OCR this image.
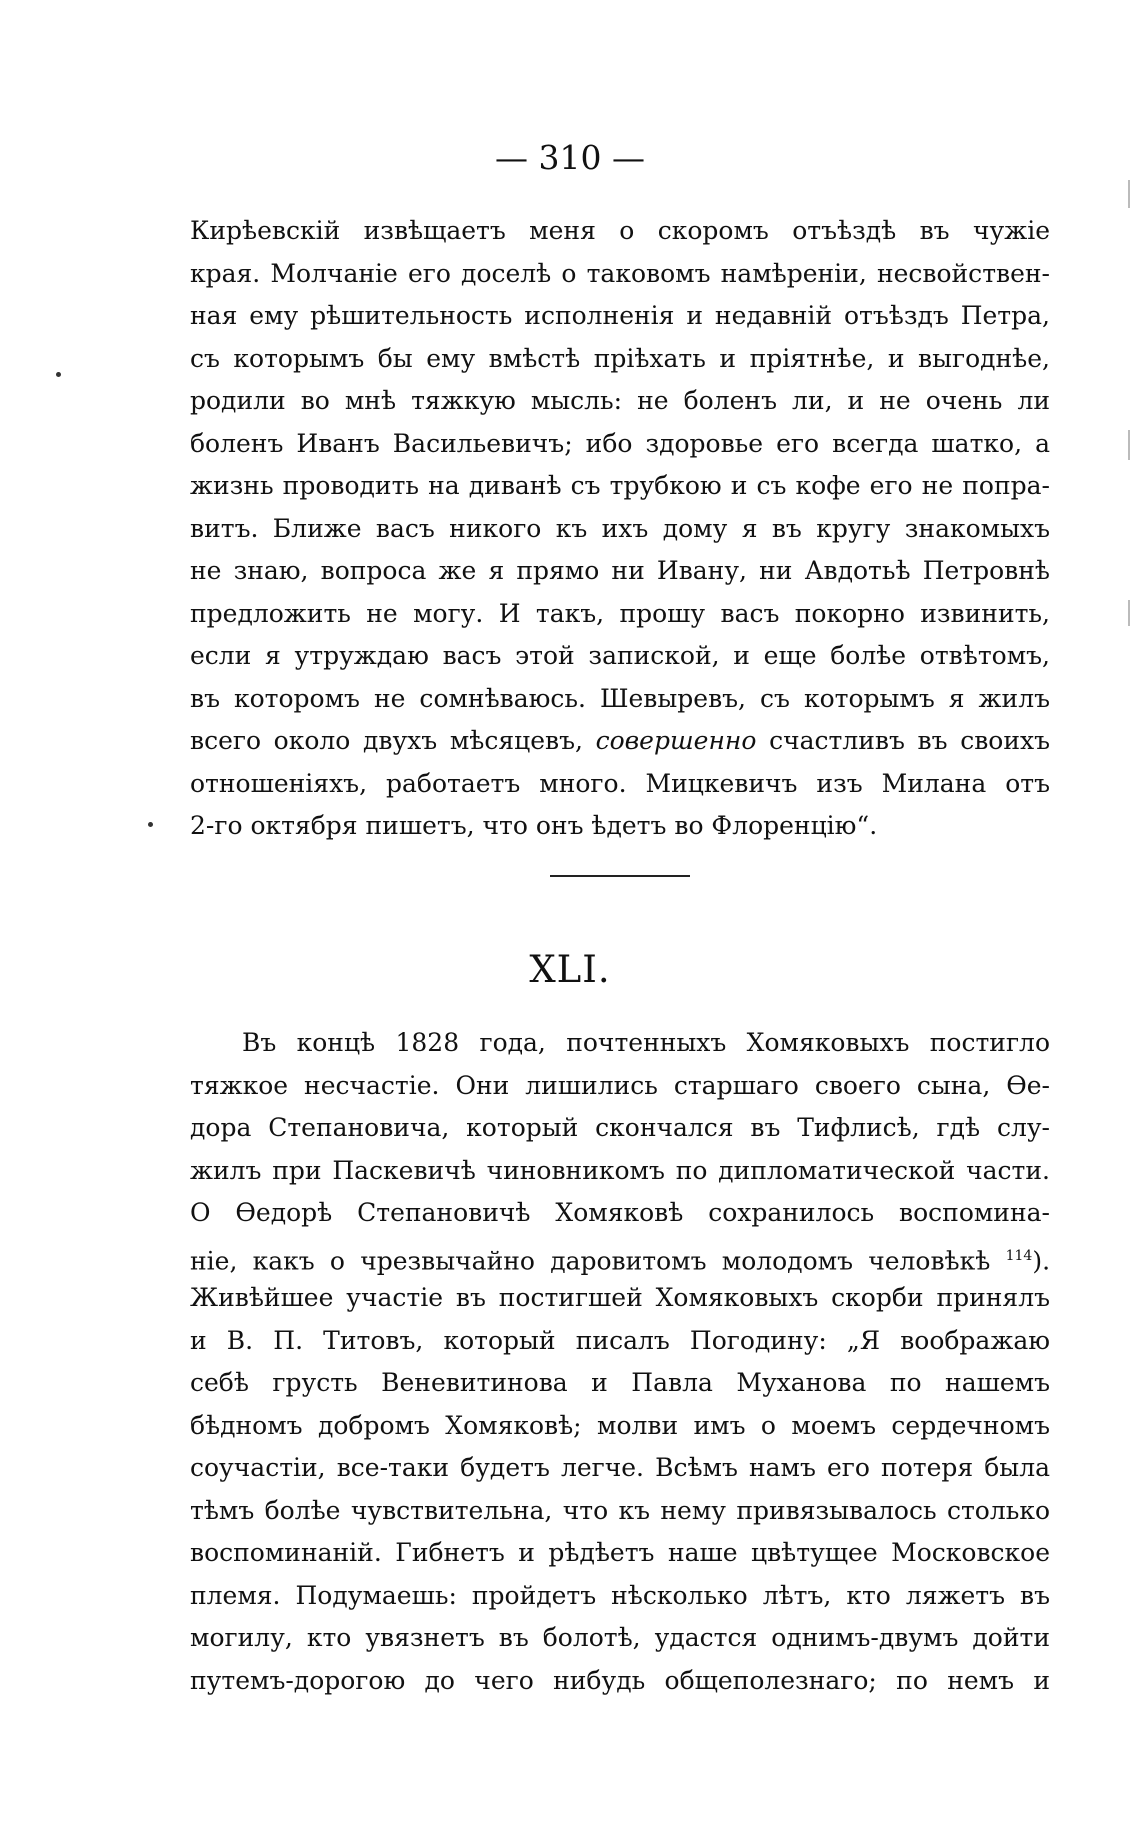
— 310 —
Кирѣевскій извѣщаетъ меня о скоромъ отъѣздѣ въ чужіе
края. Молчаніе его доселѣ о таковомъ намѣреніи, несвойствен-
ная ему рѣшительность исполненія и недавній отъѣздъ Петра,
съ которымъ бы ему вмѣстѣ пріѣхать и пріятнѣе, и выгоднѣе,
родили во мнѣ тяжкую мысль: не боленъ ли, и не очень ли
боленъ Иванъ Васильевичъ; ибо здоровье его всегда шатко, а
жизнь проводить на диванѣ съ трубкою и съ кофе его не попра-
витъ. Ближе васъ никого къ ихъ дому я въ кругу знакомыхъ
не знаю, вопроса же я прямо ни Ивану, ни Авдотьѣ Петровнѣ
предложить не могу. И такъ, прошу васъ покорно извинить,
если я утруждаю васъ этой запиской, и еще болѣе отвѣтомъ,
въ которомъ не сомнѣваюсь. Шевыревъ, съ которымъ я жилъ
всего около двухъ мѣсяцевъ, совершенно счастливъ въ своихъ
отношеніяхъ, работаетъ много. Мицкевичъ изъ Милана отъ
2-го октября пишетъ, что онъ ѣдетъ во Флоренцію“.
XLI.
Въ концѣ 1828 года, почтенныхъ Хомяковыхъ постигло
тяжкое несчастіе. Они лишились старшаго своего сына, Ѳе-
дора Степановича, который скончался въ Тифлисѣ, гдѣ слу-
жилъ при Паскевичѣ чиновникомъ по дипломатической части.
О Ѳедорѣ Степановичѣ Хомяковѣ сохранилось воспомина-
ніе, какъ о чрезвычайно даровитомъ молодомъ человѣкѣ $^{114}$).
Живѣйшее участіе въ постигшей Хомяковыхъ скорби принялъ
и В. П. Титовъ, который писалъ Погодину: „Я воображаю
себѣ грусть Веневитинова и Павла Муханова по нашемъ
бѣдномъ добромъ Хомяковѣ; молви имъ о моемъ сердечномъ
соучастіи, все-таки будетъ легче. Всѣмъ намъ его потеря была
тѣмъ болѣе чувствительна, что къ нему привязывалось столько
воспоминаній. Гибнетъ и рѣдѣетъ наше цвѣтущее Московское
племя. Подумаешь: пройдетъ нѣсколько лѣтъ, кто ляжетъ въ
могилу, кто увязнетъ въ болотѣ, удастся однимъ-двумъ дойти
путемъ-дорогою до чего нибудь общеполезнаго; по немъ и
